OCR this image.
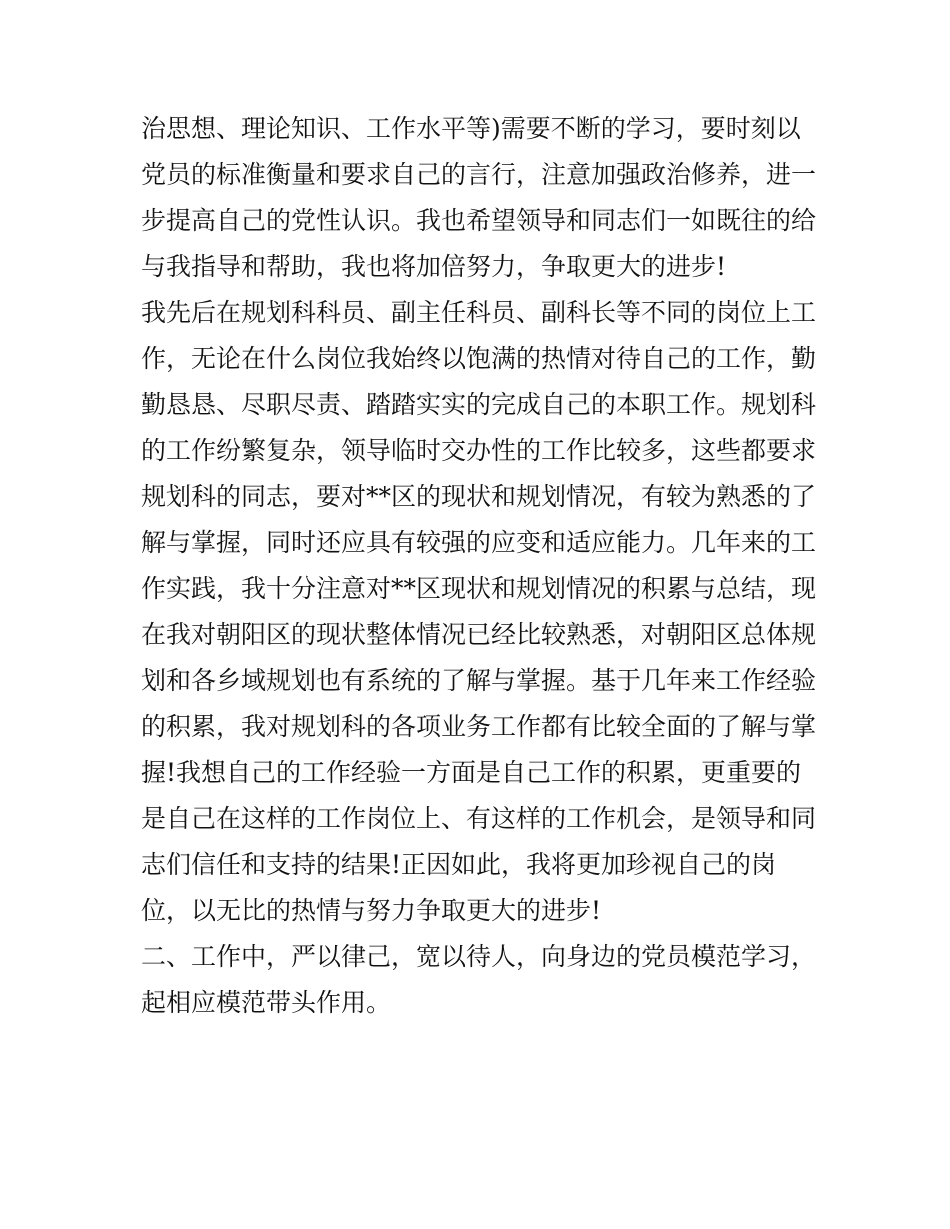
治思想、理论知识、工作水平等)需要不断的学习，要时刻以
党员的标准衡量和要求自己的言行，注意加强政治修养，进一
步提高自己的党性认识。我也希望领导和同志们一如既往的给
与我指导和帮助，我也将加倍努力，争取更大的进步!
我先后在规划科科员、副主任科员、副科长等不同的岗位上工
作，无论在什么岗位我始终以饱满的热情对待自己的工作，勤
勤恳恳、尽职尽责、踏踏实实的完成自己的本职工作。规划科
的工作纷繁复杂，领导临时交办性的工作比较多，这些都要求
规划科的同志，要对**区的现状和规划情况，有较为熟悉的了
解与掌握，同时还应具有较强的应变和适应能力。几年来的工
作实践，我十分注意对**区现状和规划情况的积累与总结，现
在我对朝阳区的现状整体情况已经比较熟悉，对朝阳区总体规
划和各乡域规划也有系统的了解与掌握。基于几年来工作经验
的积累，我对规划科的各项业务工作都有比较全面的了解与掌
握!我想自己的工作经验一方面是自己工作的积累，更重要的
是自己在这样的工作岗位上、有这样的工作机会，是领导和同
志们信任和支持的结果!正因如此，我将更加珍视自己的岗
位，以无比的热情与努力争取更大的进步!
二、工作中，严以律己，宽以待人，向身边的党员模范学习，
起相应模范带头作用。
